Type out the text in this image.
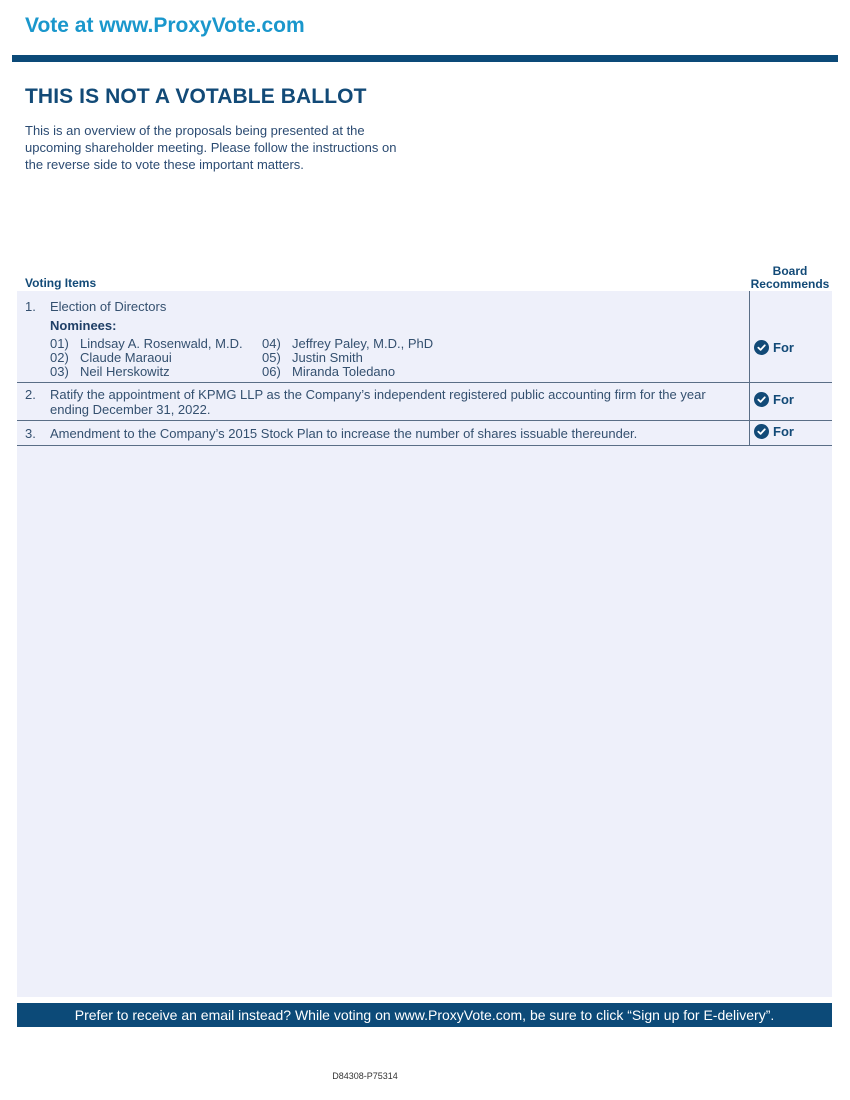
Vote at www.ProxyVote.com
THIS IS NOT A VOTABLE BALLOT
This is an overview of the proposals being presented at the
upcoming shareholder meeting. Please follow the instructions on
the reverse side to vote these important matters.
Voting Items
Board
Recommends
1. Election of Directors
Nominees:
01) Lindsay A. Rosenwald, M.D.
02) Claude Maraoui
03) Neil Herskowitz
04) Jeffrey Paley, M.D., PhD
05) Justin Smith
06) Miranda Toledano
For
2. Ratify the appointment of KPMG LLP as the Company’s independent registered public accounting firm for the year
ending December 31, 2022.
For
3. Amendment to the Company’s 2015 Stock Plan to increase the number of shares issuable thereunder.	For
Prefer to receive an email instead? While voting on www.ProxyVote.com, be sure to click “Sign up for E-delivery”.
D84308-P75314
